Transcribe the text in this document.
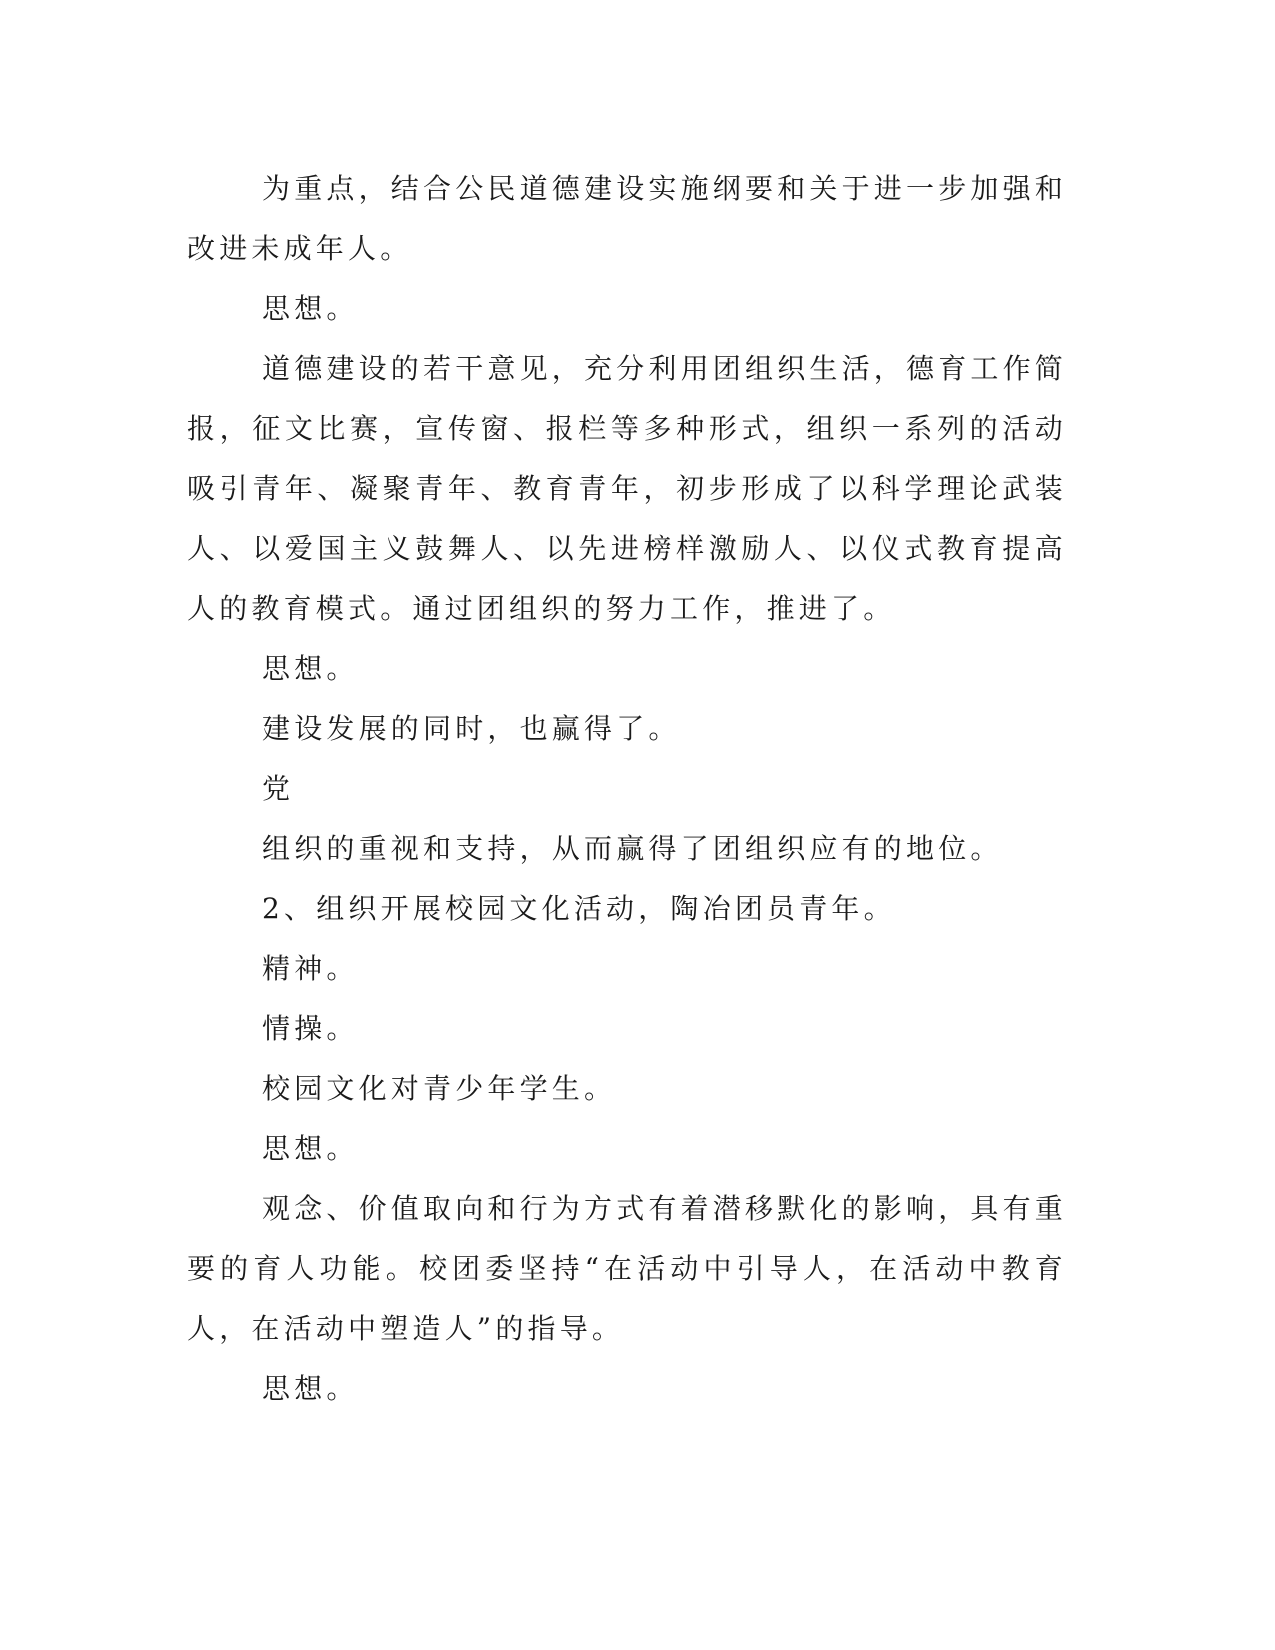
为重点，结合公民道德建设实施纲要和关于进一步加强和改进未成年人。

思想。

道德建设的若干意见，充分利用团组织生活，德育工作简报，征文比赛，宣传窗、报栏等多种形式，组织一系列的活动吸引青年、凝聚青年、教育青年，初步形成了以科学理论武装人、以爱国主义鼓舞人、以先进榜样激励人、以仪式教育提高人的教育模式。通过团组织的努力工作，推进了。

思想。

建设发展的同时，也赢得了。

党

组织的重视和支持，从而赢得了团组织应有的地位。

2、组织开展校园文化活动，陶冶团员青年。

精神。

情操。

校园文化对青少年学生。

思想。

观念、价值取向和行为方式有着潜移默化的影响，具有重要的育人功能。校团委坚持“在活动中引导人，在活动中教育人，在活动中塑造人”的指导。

思想。
